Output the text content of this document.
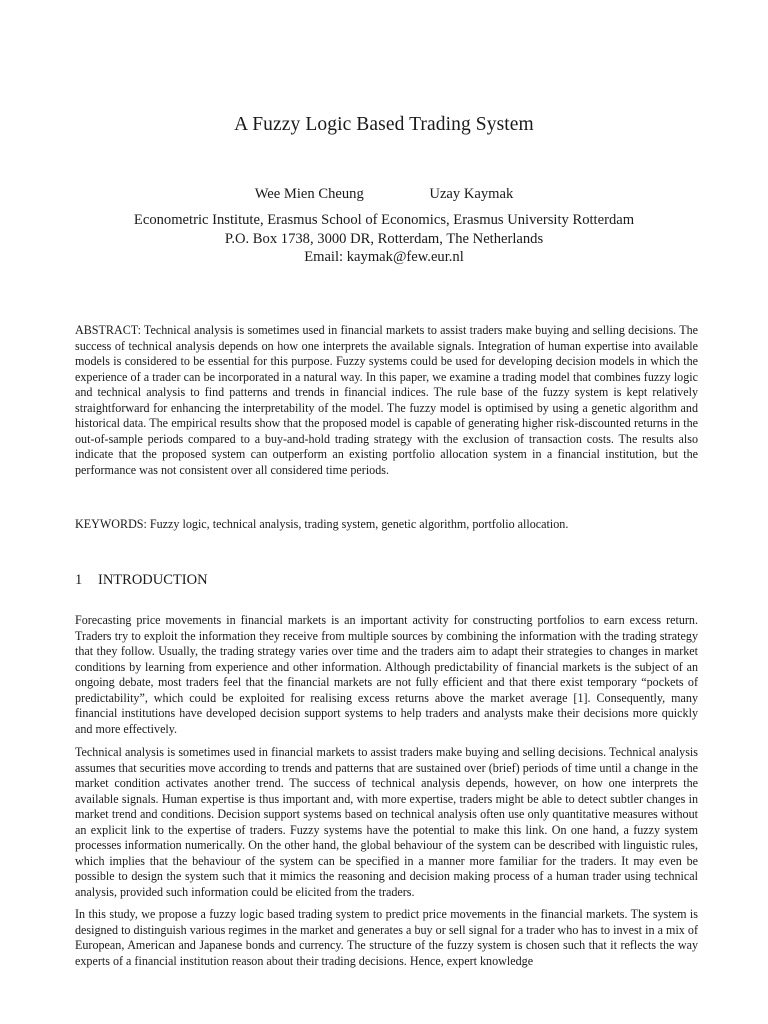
A Fuzzy Logic Based Trading System
Wee Mien Cheung	Uzay Kaymak
Econometric Institute, Erasmus School of Economics, Erasmus University Rotterdam
P.O. Box 1738, 3000 DR, Rotterdam, The Netherlands
Email: kaymak@few.eur.nl
ABSTRACT: Technical analysis is sometimes used in financial markets to assist traders make buying and selling decisions. The success of technical analysis depends on how one interprets the available signals. Integration of human expertise into available models is considered to be essential for this purpose. Fuzzy systems could be used for developing decision models in which the experience of a trader can be incorporated in a natural way. In this paper, we examine a trading model that combines fuzzy logic and technical analysis to find patterns and trends in financial indices. The rule base of the fuzzy system is kept relatively straightforward for enhancing the interpretability of the model. The fuzzy model is optimised by using a genetic algorithm and historical data. The empirical results show that the proposed model is capable of generating higher risk-discounted returns in the out-of-sample periods compared to a buy-and-hold trading strategy with the exclusion of transaction costs. The results also indicate that the proposed system can outperform an existing portfolio allocation system in a financial institution, but the performance was not consistent over all considered time periods.
KEYWORDS: Fuzzy logic, technical analysis, trading system, genetic algorithm, portfolio allocation.
1 INTRODUCTION
Forecasting price movements in financial markets is an important activity for constructing portfolios to earn excess return. Traders try to exploit the information they receive from multiple sources by combining the information with the trading strategy that they follow. Usually, the trading strategy varies over time and the traders aim to adapt their strategies to changes in market conditions by learning from experience and other information. Although predictability of financial markets is the subject of an ongoing debate, most traders feel that the financial markets are not fully efficient and that there exist temporary “pockets of predictability”, which could be exploited for realising excess returns above the market average [1]. Consequently, many financial institutions have developed decision support systems to help traders and analysts make their decisions more quickly and more effectively.
Technical analysis is sometimes used in financial markets to assist traders make buying and selling decisions. Technical analysis assumes that securities move according to trends and patterns that are sustained over (brief) periods of time until a change in the market condition activates another trend. The success of technical analysis depends, however, on how one interprets the available signals. Human expertise is thus important and, with more expertise, traders might be able to detect subtler changes in market trend and conditions. Decision support systems based on technical analysis often use only quantitative measures without an explicit link to the expertise of traders. Fuzzy systems have the potential to make this link. On one hand, a fuzzy system processes information numerically. On the other hand, the global behaviour of the system can be described with linguistic rules, which implies that the behaviour of the system can be specified in a manner more familiar for the traders. It may even be possible to design the system such that it mimics the reasoning and decision making process of a human trader using technical analysis, provided such information could be elicited from the traders.
In this study, we propose a fuzzy logic based trading system to predict price movements in the financial markets. The system is designed to distinguish various regimes in the market and generates a buy or sell signal for a trader who has to invest in a mix of European, American and Japanese bonds and currency. The structure of the fuzzy system is chosen such that it reflects the way experts of a financial institution reason about their trading decisions. Hence, expert knowledge
